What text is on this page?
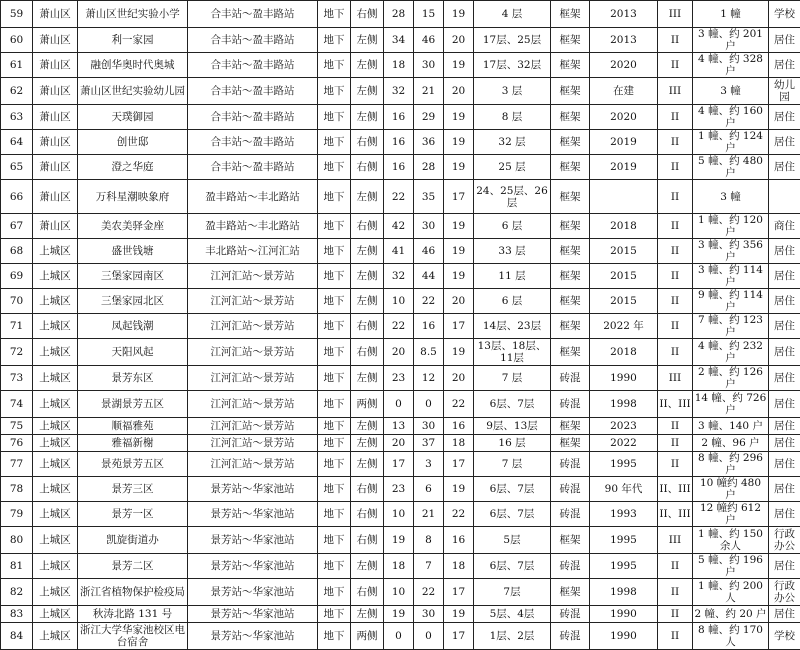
59	萧山区	萧山区世纪实验小学	合丰站～盈丰路站	地下	右侧	28	15	19	4 层	框架	2013	III	1 幢	学校
60	萧山区	利一家园	合丰站～盈丰路站	地下	左侧	34	46	20	17层、25层	框架	2013	II	3 幢、约 201 户	居住
61	萧山区	融创华奥时代奥城	合丰站～盈丰路站	地下	左侧	18	30	19	17层、32层	框架	2020	II	4 幢、约 328 户	居住
62	萧山区	萧山区世纪实验幼儿园	合丰站～盈丰路站	地下	左侧	32	21	20	3 层	框架	在建	III	3 幢	幼儿园
63	萧山区	天璞御园	合丰站～盈丰路站	地下	左侧	16	29	19	8 层	框架	2020	II	4 幢、约 160 户	居住
64	萧山区	创世邸	合丰站～盈丰路站	地下	右侧	16	36	19	32 层	框架	2019	II	1 幢、约 124 户	居住
65	萧山区	澄之华庭	合丰站～盈丰路站	地下	右侧	16	28	19	25 层	框架	2019	II	5 幢、约 480 户	居住
66	萧山区	万科星潮映象府	盈丰路站～丰北路站	地下	左侧	22	35	17	24、25层、26层	框架		II	3 幢	
67	萧山区	美农美驿金座	盈丰路站～丰北路站	地下	右侧	42	30	19	6 层	框架	2018	II	1 幢、约 120 户	商住
68	上城区	盛世钱塘	丰北路站～江河汇站	地下	左侧	41	46	19	33 层	框架	2015	II	3 幢、约 356 户	居住
69	上城区	三堡家园南区	江河汇站～景芳站	地下	左侧	32	44	19	11 层	框架	2015	II	3 幢、约 114 户	居住
70	上城区	三堡家园北区	江河汇站～景芳站	地下	左侧	10	22	20	6 层	框架	2015	II	9 幢、约 114 户	居住
71	上城区	凤起钱潮	江河汇站～景芳站	地下	右侧	22	16	17	14层、23层	框架	2022 年	II	7 幢、约 123 户	居住
72	上城区	天阳风起	江河汇站～景芳站	地下	右侧	20	8.5	19	13层、18层、11层	框架	2018	II	4 幢、约 232 户	居住
73	上城区	景芳东区	江河汇站～景芳站	地下	左侧	23	12	20	7 层	砖混	1990	III	2 幢、约 126 户	居住
74	上城区	景湖景芳五区	江河汇站～景芳站	地下	两侧	0	0	22	6层、7层	砖混	1998	II、III	14 幢、约 726 户	居住
75	上城区	顺福雅苑	江河汇站～景芳站	地下	左侧	13	30	16	9层、13层	框架	2023	II	3 幢、140 户	居住
76	上城区	雅福新榭	江河汇站～景芳站	地下	左侧	20	37	18	16 层	框架	2022	II	2 幢、96 户	居住
77	上城区	景苑景芳五区	江河汇站～景芳站	地下	左侧	17	3	17	7 层	砖混	1995	II	8 幢、约 296 户	居住
78	上城区	景芳三区	景芳站～华家池站	地下	右侧	23	6	19	6层、7层	砖混	90 年代	II、III	10 幢约 480 户	居住
79	上城区	景芳一区	景芳站～华家池站	地下	右侧	10	21	22	6层、7层	砖混	1993	II、III	12 幢约 612 户	居住
80	上城区	凯旋街道办	景芳站～华家池站	地下	右侧	19	8	16	5层	框架	1995	III	1 幢、约 150 余人	行政办公
81	上城区	景芳二区	景芳站～华家池站	地下	左侧	18	7	18	6层、7层	砖混	1995	II	5 幢、约 196 户	居住
82	上城区	浙江省植物保护检疫局	景芳站～华家池站	地下	右侧	10	22	17	7层	框架	1998	II	1 幢、约 200 人	行政办公
83	上城区	秋涛北路 131 号	景芳站～华家池站	地下	左侧	19	30	19	5层、4层	砖混	1990	II	2 幢、约 20 户	居住
84	上城区	浙江大学华家池校区电台宿舍	景芳站～华家池站	地下	两侧	0	0	17	1层、2层	砖混	1990	II	8 幢、约 170 人	学校
